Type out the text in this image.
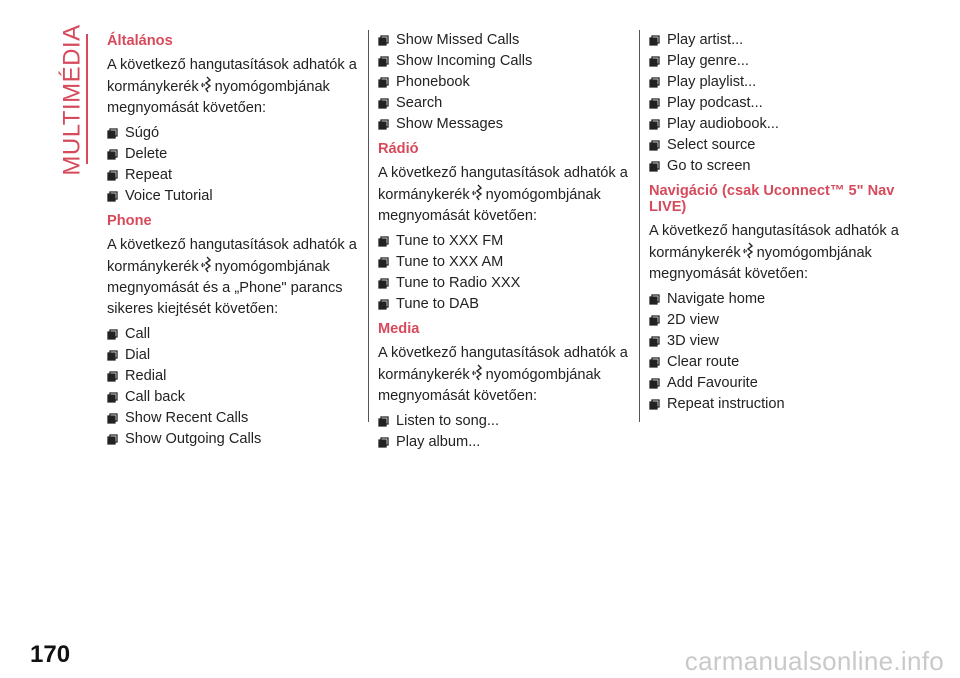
MULTIMÉDIA Általános

A következő hangutasítások adhatók a kormánykerék nyomógombjának megnyomását követően:

Súgó
Delete
Repeat
Voice Tutorial
Phone

A következő hangutasítások adhatók a kormánykerék nyomógombjának megnyomását és a „Phone" parancs sikeres kiejtését követően:

Call
Dial
Redial
Call back
Show Recent Calls
Show Outgoing Calls
Show Missed Calls
Show Incoming Calls
Phonebook
Search
Show Messages
Rádió

A következő hangutasítások adhatók a kormánykerék nyomógombjának megnyomását követően:

Tune to XXX FM
Tune to XXX AM
Tune to Radio XXX
Tune to DAB
Media

A következő hangutasítások adhatók a kormánykerék nyomógombjának megnyomását követően:

Listen to song...
Play album...
Play artist...
Play genre...
Play playlist...
Play podcast...
Play audiobook...
Select source
Go to screen
Navigáció (csak Uconnect™ 5" Nav LIVE)

A következő hangutasítások adhatók a kormánykerék nyomógombjának megnyomását követően:

Navigate home
2D view
3D view
Clear route
Add Favourite
Repeat instruction
170	carmanualsonline.info
